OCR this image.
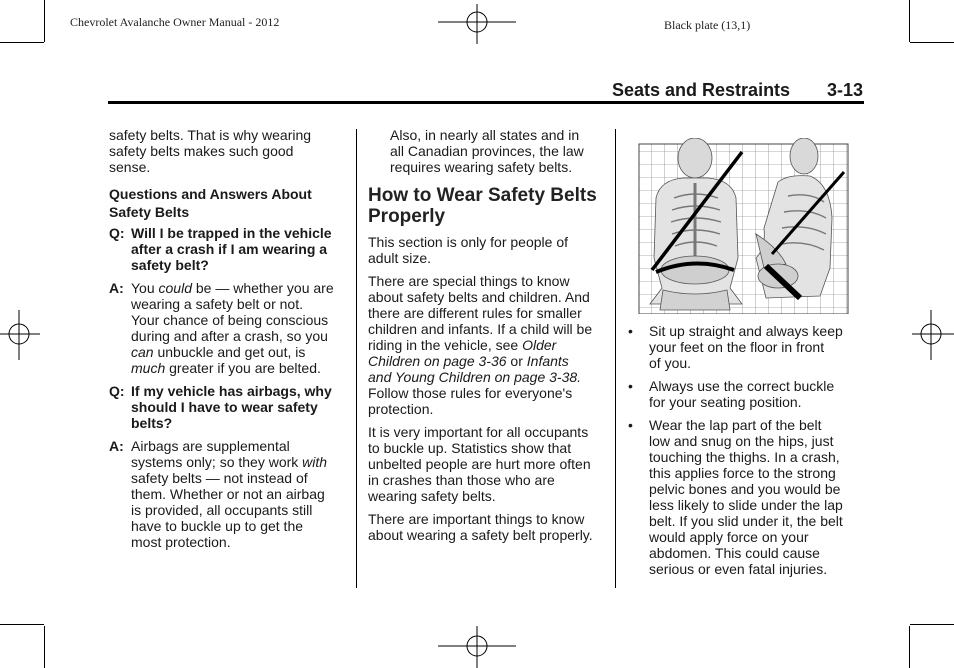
Chevrolet Avalanche Owner Manual - 2012	Black plate (13,1)
Seats and Restraints 3-13

safety belts. That is why wearing
safety belts makes such good
sense.

Questions and Answers About
Safety Belts
Q: Will I be trapped in the vehicle
after a crash if I am wearing a
safety belt?
A: You could be — whether you are
wearing a safety belt or not.
Your chance of being conscious
during and after a crash, so you
can unbuckle and get out, is
much greater if you are belted.
Q: If my vehicle has airbags, why
should I have to wear safety
belts?
A: Airbags are supplemental
systems only; so they work with
safety belts — not instead of
them. Whether or not an airbag
is provided, all occupants still
have to buckle up to get the
most protection.

Also, in nearly all states and in
all Canadian provinces, the law
requires wearing safety belts.

How to Wear Safety Belts
Properly

This section is only for people of
adult size.

There are special things to know
about safety belts and children. And
there are different rules for smaller
children and infants. If a child will be
riding in the vehicle, see Older
Children on page 3-36 or Infants
and Young Children on page 3-38.
Follow those rules for everyone's
protection.

It is very important for all occupants
to buckle up. Statistics show that
unbelted people are hurt more often
in crashes than those who are
wearing safety belts.

There are important things to know
about wearing a safety belt properly.

•	Sit up straight and always keep
your feet on the floor in front
of you.
•	Always use the correct buckle
for your seating position.
•	Wear the lap part of the belt
low and snug on the hips, just
touching the thighs. In a crash,
this applies force to the strong
pelvic bones and you would be
less likely to slide under the lap
belt. If you slid under it, the belt
would apply force on your
abdomen. This could cause
serious or even fatal injuries.
